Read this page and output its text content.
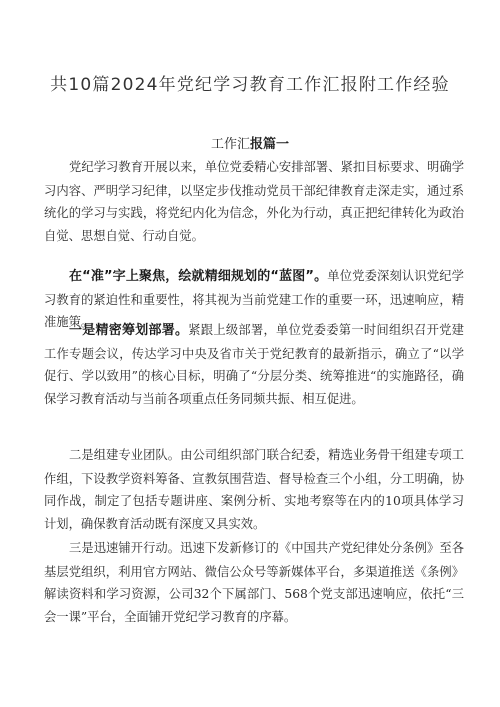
共10篇2024年党纪学习教育工作汇报附工作经验
工作汇报篇一

党纪学习教育开展以来，单位党委精心安排部署、紧扣目标要求、明确学习内容、严明学习纪律，以坚定步伐推动党员干部纪律教育走深走实，通过系统化的学习与实践，将党纪内化为信念，外化为行动，真正把纪律转化为政治自觉、思想自觉、行动自觉。

在“准”字上聚焦，绘就精细规划的“蓝图”。单位党委深刻认识党纪学习教育的紧迫性和重要性，将其视为当前党建工作的重要一环，迅速响应，精准施策。

一是精密筹划部署。紧跟上级部署，单位党委委第一时间组织召开党建工作专题会议，传达学习中央及省市关于党纪教育的最新指示，确立了“以学促行、学以致用”的核心目标，明确了“分层分类、统筹推进“的实施路径，确保学习教育活动与当前各项重点任务同频共振、相互促进。

二是组建专业团队。由公司组织部门联合纪委，精选业务骨干组建专项工作组，下设教学资料筹备、宣教氛围营造、督导检查三个小组，分工明确，协同作战，制定了包括专题讲座、案例分析、实地考察等在内的10项具体学习计划，确保教育活动既有深度又具实效。

三是迅速铺开行动。迅速下发新修订的《中国共产党纪律处分条例》至各基层党组织，利用官方网站、微信公众号等新媒体平台，多渠道推送《条例》解读资料和学习资源，公司32个下属部门、568个党支部迅速响应，依托“三会一课”平台，全面铺开党纪学习教育的序幕。
